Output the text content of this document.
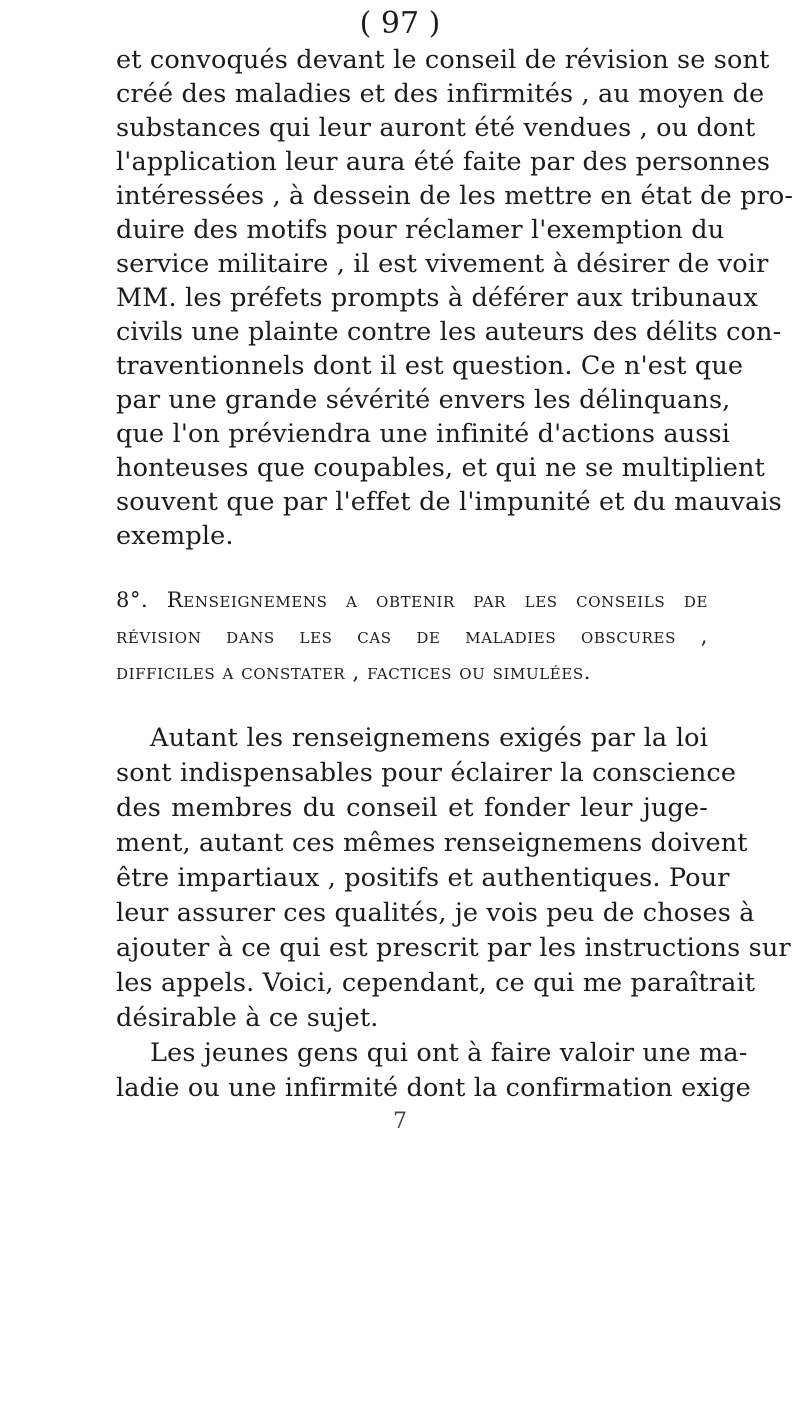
( 97 )
et convoqués devant le conseil de révision se sont
créé des maladies et des infirmités , au moyen de
substances qui leur auront été vendues , ou dont
l'application leur aura été faite par des personnes
intéressées , à dessein de les mettre en état de pro-
duire des motifs pour réclamer l'exemption du
service militaire , il est vivement à désirer de voir
MM. les préfets prompts à déférer aux tribunaux
civils une plainte contre les auteurs des délits con-
traventionnels dont il est question. Ce n'est que
par une grande sévérité envers les délinquans,
que l'on préviendra une infinité d'actions aussi
honteuses que coupables, et qui ne se multiplient
souvent que par l'effet de l'impunité et du mauvais
exemple.
8°. Renseignemens a obtenir par les conseils de
révision dans les cas de maladies obscures ,
difficiles a constater , factices ou simulées.
Autant les renseignemens exigés par la loi
sont indispensables pour éclairer la conscience
des membres du conseil et fonder leur juge-
ment, autant ces mêmes renseignemens doivent
être impartiaux , positifs et authentiques. Pour
leur assurer ces qualités, je vois peu de choses à
ajouter à ce qui est prescrit par les instructions sur
les appels. Voici, cependant, ce qui me paraîtrait
désirable à ce sujet.
Les jeunes gens qui ont à faire valoir une ma-
ladie ou une infirmité dont la confirmation exige
7
